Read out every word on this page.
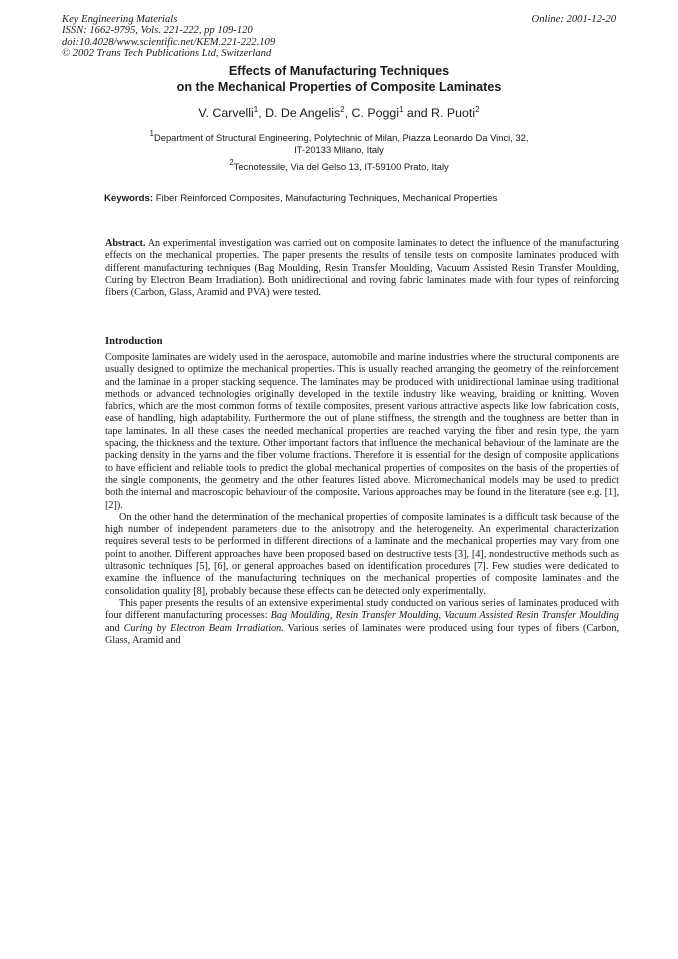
Key Engineering Materials
ISSN: 1662-9795, Vols. 221-222, pp 109-120
doi:10.4028/www.scientific.net/KEM.221-222.109
© 2002 Trans Tech Publications Ltd, Switzerland
Online: 2001-12-20
Effects of Manufacturing Techniques
on the Mechanical Properties of Composite Laminates
V. Carvelli$^1$, D. De Angelis$^2$, C. Poggi$^1$ and R. Puoti$^2$
$^1$Department of Structural Engineering, Polytechnic of Milan, Piazza Leonardo Da Vinci, 32,
IT-20133 Milano, Italy
$^2$Tecnotessile, Via del Gelso 13, IT-59100 Prato, Italy
Keywords: Fiber Reinforced Composites, Manufacturing Techniques, Mechanical Properties
Abstract. An experimental investigation was carried out on composite laminates to detect the influence of the manufacturing effects on the mechanical properties. The paper presents the results of tensile tests on composite laminates produced with different manufacturing techniques (Bag Moulding, Resin Transfer Moulding, Vacuum Assisted Resin Transfer Moulding, Curing by Electron Beam Irradiation). Both unidirectional and roving fabric laminates made with four types of reinforcing fibers (Carbon, Glass, Aramid and PVA) were tested.
Introduction

Composite laminates are widely used in the aerospace, automobile and marine industries where the structural components are usually designed to optimize the mechanical properties. This is usually reached arranging the geometry of the reinforcement and the laminae in a proper stacking sequence. The laminates may be produced with unidirectional laminae using traditional methods or advanced technologies originally developed in the textile industry like weaving, braiding or knitting. Woven fabrics, which are the most common forms of textile composites, present various attractive aspects like low fabrication costs, ease of handling, high adaptability. Furthermore the out of plane stiffness, the strength and the toughness are better than in tape laminates. In all these cases the needed mechanical properties are reached varying the fiber and resin type, the yarn spacing, the thickness and the texture. Other important factors that influence the mechanical behaviour of the laminate are the packing density in the yarns and the fiber volume fractions. Therefore it is essential for the design of composite applications to have efficient and reliable tools to predict the global mechanical properties of composites on the basis of the properties of the single components, the geometry and the other features listed above. Micromechanical models may be used to predict both the internal and macroscopic behaviour of the composite. Various approaches may be found in the literature (see e.g. [1], [2]).

On the other hand the determination of the mechanical properties of composite laminates is a difficult task because of the high number of independent parameters due to the anisotropy and the heterogeneity. An experimental characterization requires several tests to be performed in different directions of a laminate and the mechanical properties may vary from one point to another. Different approaches have been proposed based on destructive tests [3], [4], nondestructive methods such as ultrasonic techniques [5], [6], or general approaches based on identification procedures [7]. Few studies were dedicated to examine the influence of the manufacturing techniques on the mechanical properties of composite laminates and the consolidation quality [8], probably because these effects can be detected only experimentally.

This paper presents the results of an extensive experimental study conducted on various series of laminates produced with four different manufacturing processes: Bag Moulding, Resin Transfer Moulding, Vacuum Assisted Resin Transfer Moulding and Curing by Electron Beam Irradiation. Various series of laminates were produced using four types of fibers (Carbon, Glass, Aramid and
